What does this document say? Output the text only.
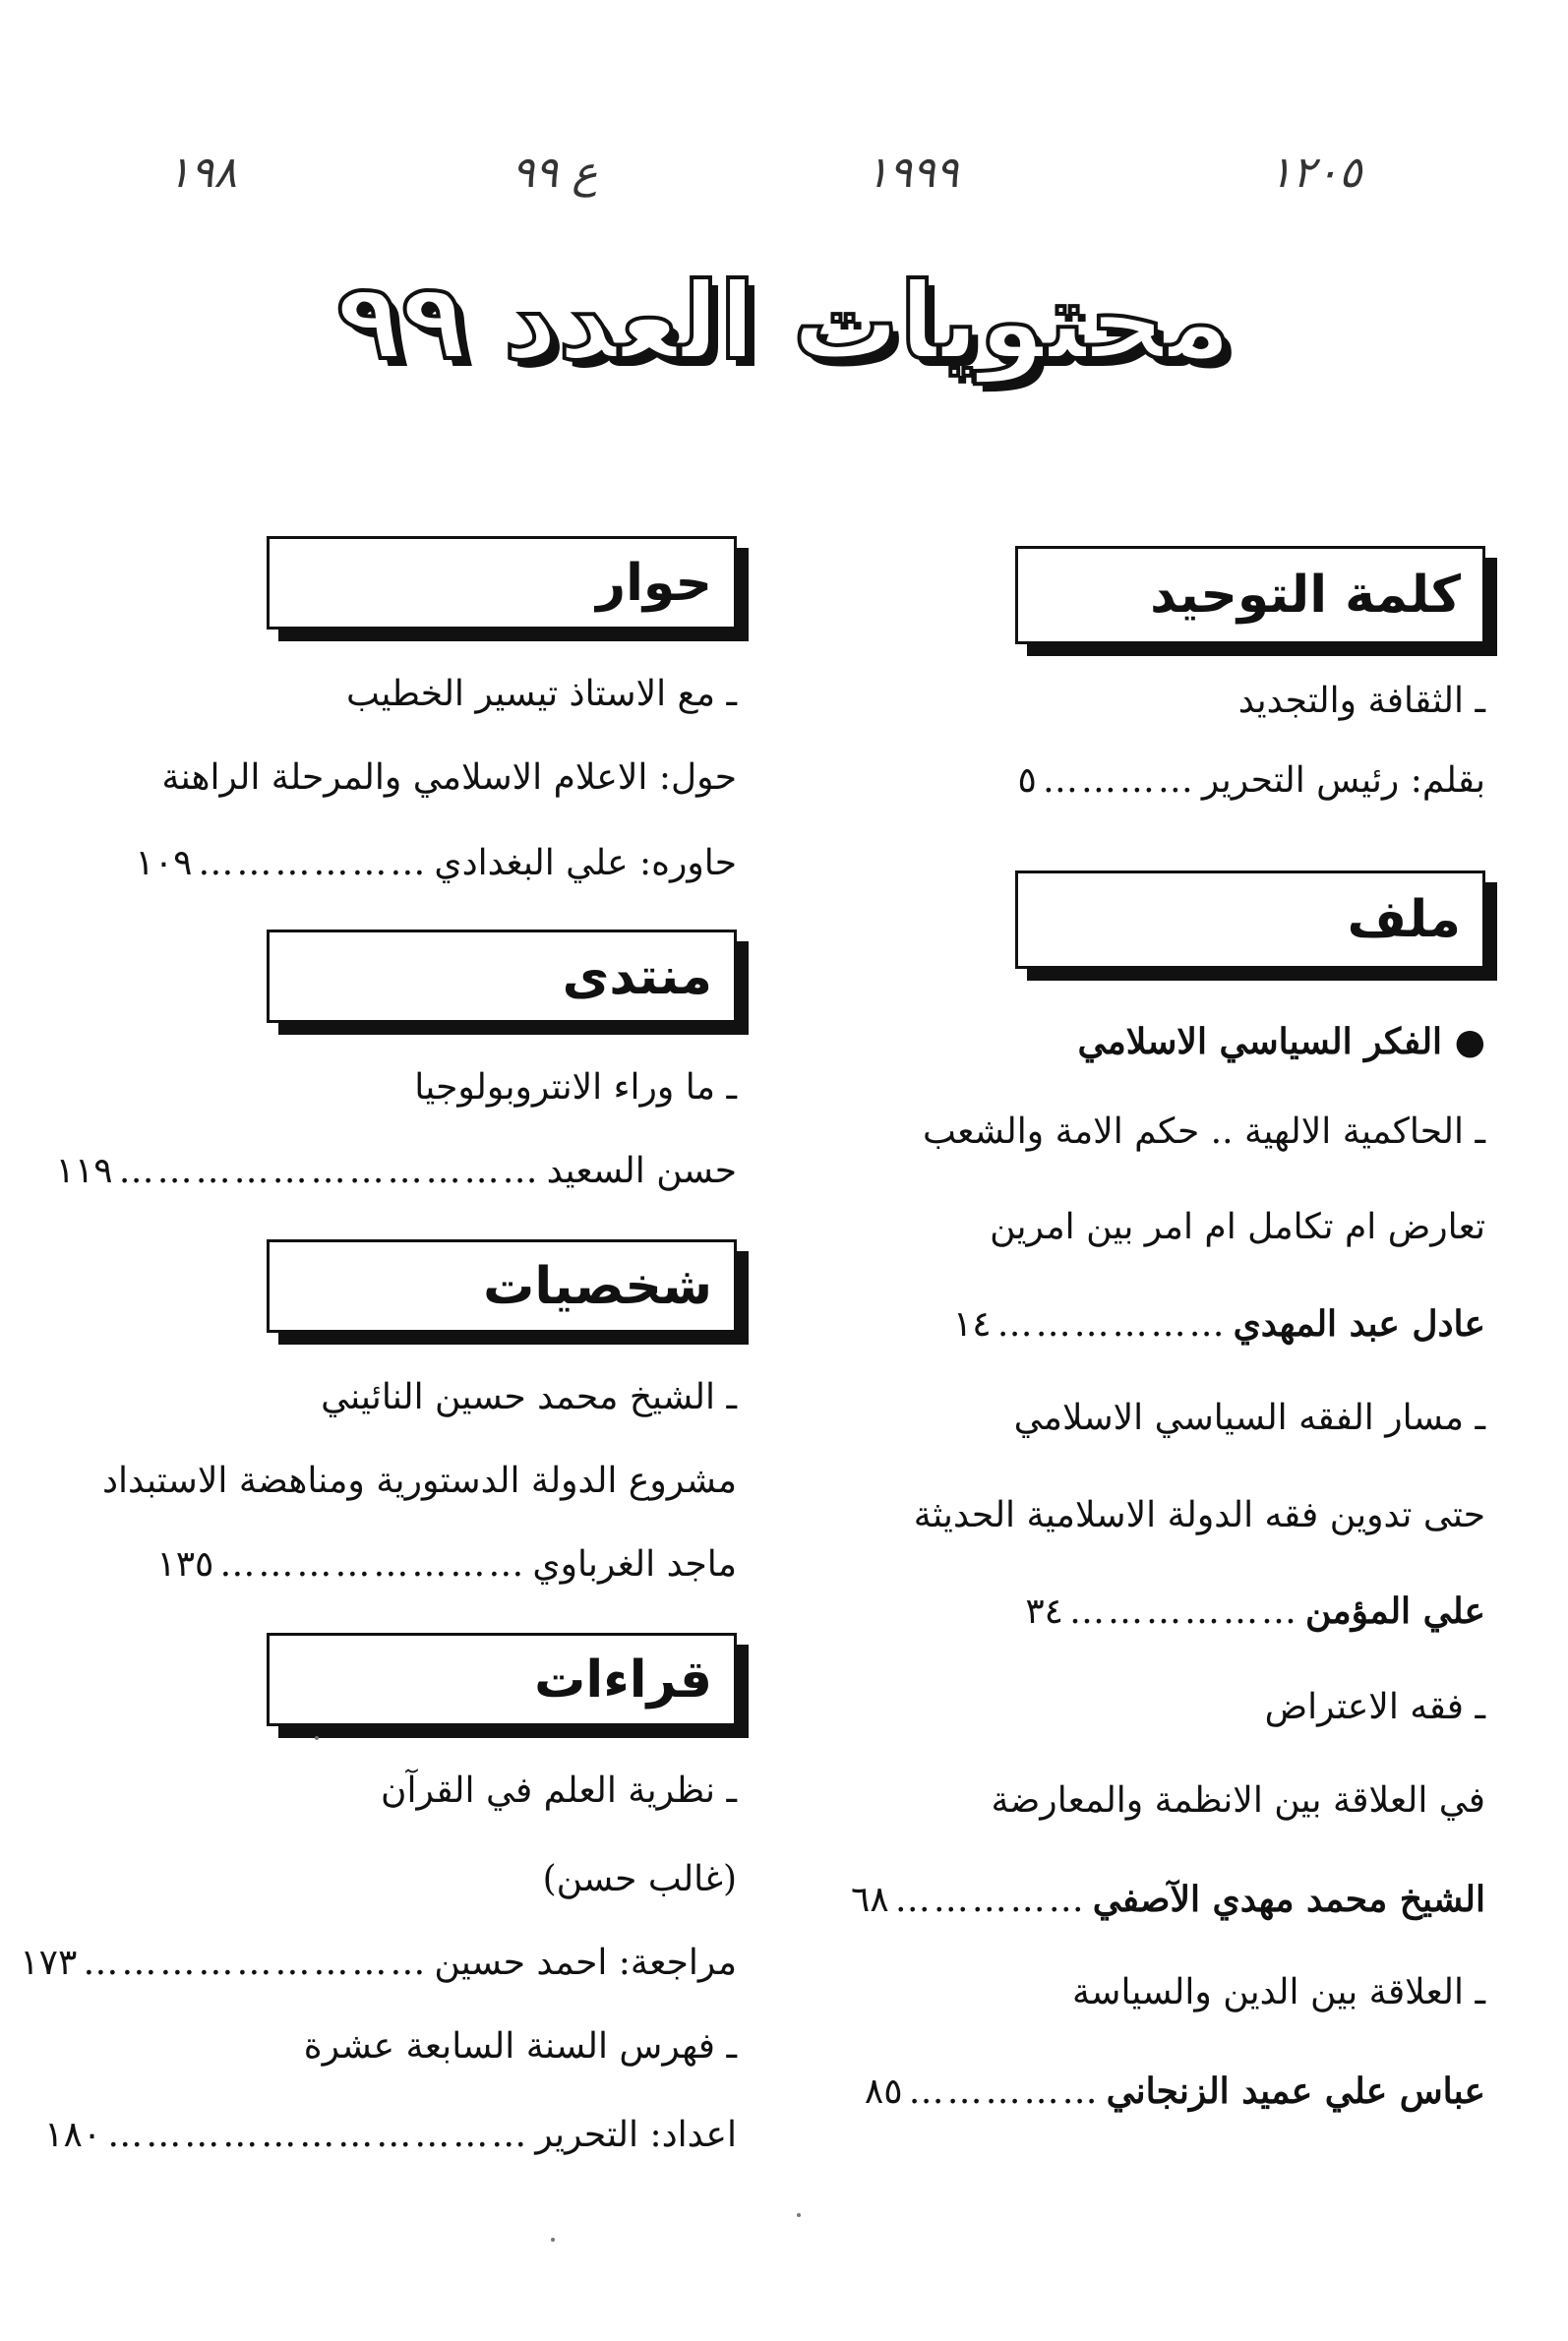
١٢٠٥
١٩٩٩
ع ٩٩
١٩٨
محتويات العدد ٩٩
كلمة التوحيد
ـ الثقافة والتجديد
بقلم: رئيس التحرير
…………
٥
ملف
● الفكر السياسي الاسلامي
ـ الحاكمية الالهية .. حكم الامة والشعب
تعارض ام تكامل ام امر بين امرين
عادل عبد المهدي
………………
١٤
ـ مسار الفقه السياسي الاسلامي
حتى تدوين فقه الدولة الاسلامية الحديثة
علي المؤمن
………………
٣٤
ـ فقه الاعتراض
في العلاقة بين الانظمة والمعارضة
الشيخ محمد مهدي الآصفي
……………
٦٨
ـ العلاقة بين الدين والسياسة
عباس علي عميد الزنجاني
……………
٨٥
حوار
ـ مع الاستاذ تيسير الخطيب
حول: الاعلام الاسلامي والمرحلة الراهنة
حاوره: علي البغدادي
………………
١٠٩
منتدى
ـ ما وراء الانتروبولوجيا
حسن السعيد
……………………………
١١٩
شخصيات
ـ الشيخ محمد حسين النائيني
مشروع الدولة الدستورية ومناهضة الاستبداد
ماجد الغرباوي
……………………
١٣٥
قراءات
ـ نظرية العلم في القرآن
(غالب حسن)
مراجعة: احمد حسين
………………………
١٧٣
ـ فهرس السنة السابعة عشرة
اعداد: التحرير
……………………………
١٨٠
